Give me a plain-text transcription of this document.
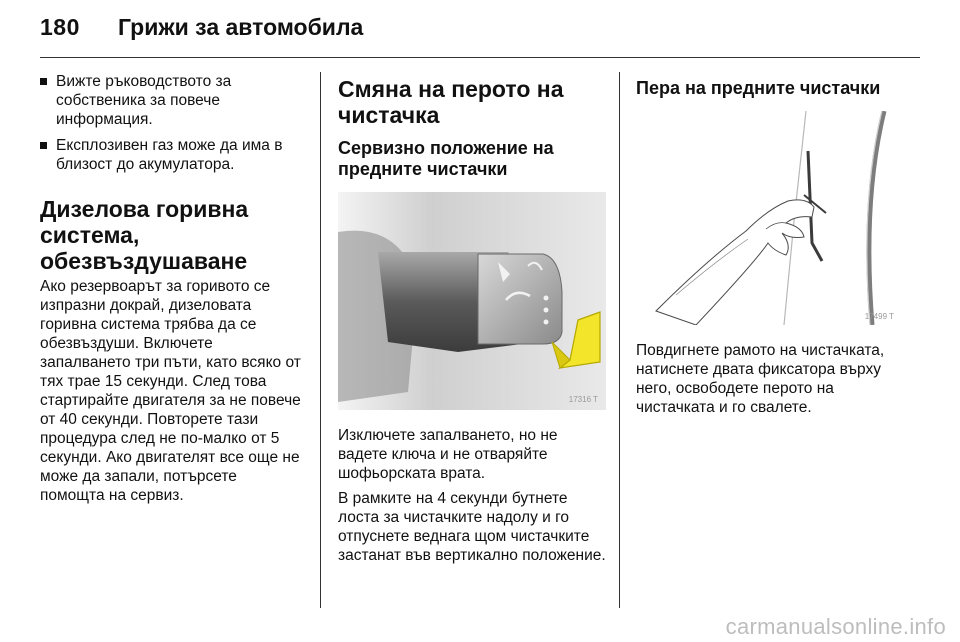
180 Грижи за автомобила
Вижте ръководството за собственика за повече информация.
Експлозивен газ може да има в близост до акумулатора.
Дизелова горивна система, обезвъздушаване

Ако резервоарът за горивото се изпразни докрай, дизеловата горивна система трябва да се обезвъздуши. Включете запалването три пъти, като всяко от тях трае 15 секунди. След това стартирайте двигателя за не повече от 40 секунди. Повторете тази процедура след не по-малко от 5 секунди. Ако двигателят все още не може да запали, потърсете помощта на сервиз.

Смяна на перото на чистачка
Сервизно положение на предните чистачки
17316 T

Изключете запалването, но не вадете ключа и не отваряйте шофьорската врата.

В рамките на 4 секунди бутнете лоста за чистачките надолу и го отпуснете веднага щом чистачките застанат във вертикално положение.

Пера на предните чистачки
17499 T

Повдигнете рамото на чистачката, натиснете двата фиксатора върху него, освободете перото на чистачката и го свалете.

carmanualsonline.info
